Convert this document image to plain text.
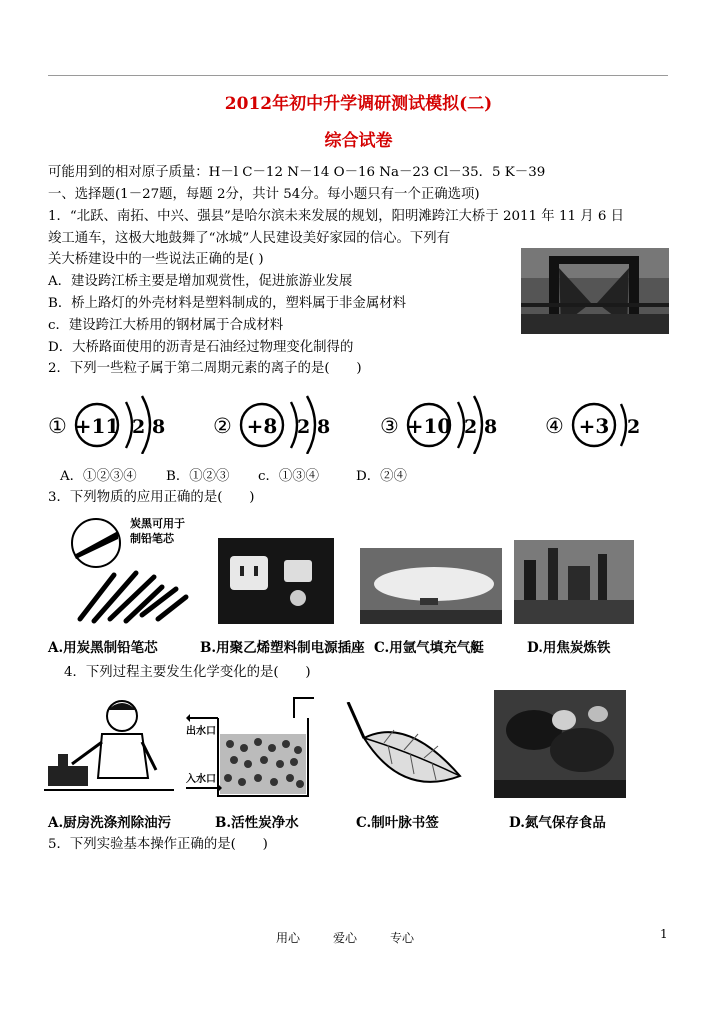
2012年初中升学调研测试模拟(二)
综合试卷
可能用到的相对原子质量：H－l C－12 N－14 O－16 Na－23 Cl－35．5 K－39
一、选择题(1－27题，每题 2分，共计 54分。每小题只有一个正确选项)
1．“北跃、南拓、中兴、强县”是哈尔滨未来发展的规划，阳明滩跨江大桥于 2011 年 11 月 6 日
竣工通车，这极大地鼓舞了“冰城”人民建设美好家园的信心。下列有
关大桥建设中的一些说法正确的是( )
A．建设跨江桥主要是增加观赏性，促进旅游业发展
B．桥上路灯的外壳材料是塑料制成的，塑料属于非金属材料
c．建设跨江大桥用的钢材属于合成材料
D．大桥路面使用的沥青是石油经过物理变化制得的
2．下列一些粒子属于第二周期元素的离子的是(　　)
① +11 2 8 ② +8 2 8 ③ +10 2 8 ④ +3 2
A．①②③④ B．①②③ c．①③④	D．②④
3．下列物质的应用正确的是(　　)
炭黑可用于
制铅笔芯
A.用炭黑制铅笔芯	B.用聚乙烯塑料制电源插座 C.用氩气填充气艇	D.用焦炭炼铁
4．下列过程主要发生化学变化的是(　　)
出水口
入水口
A.厨房洗涤剂除油污	B.活性炭净水	C.制叶脉书签	D.氮气保存食品
5．下列实验基本操作正确的是(　　)
用心	爱心	专心	1
